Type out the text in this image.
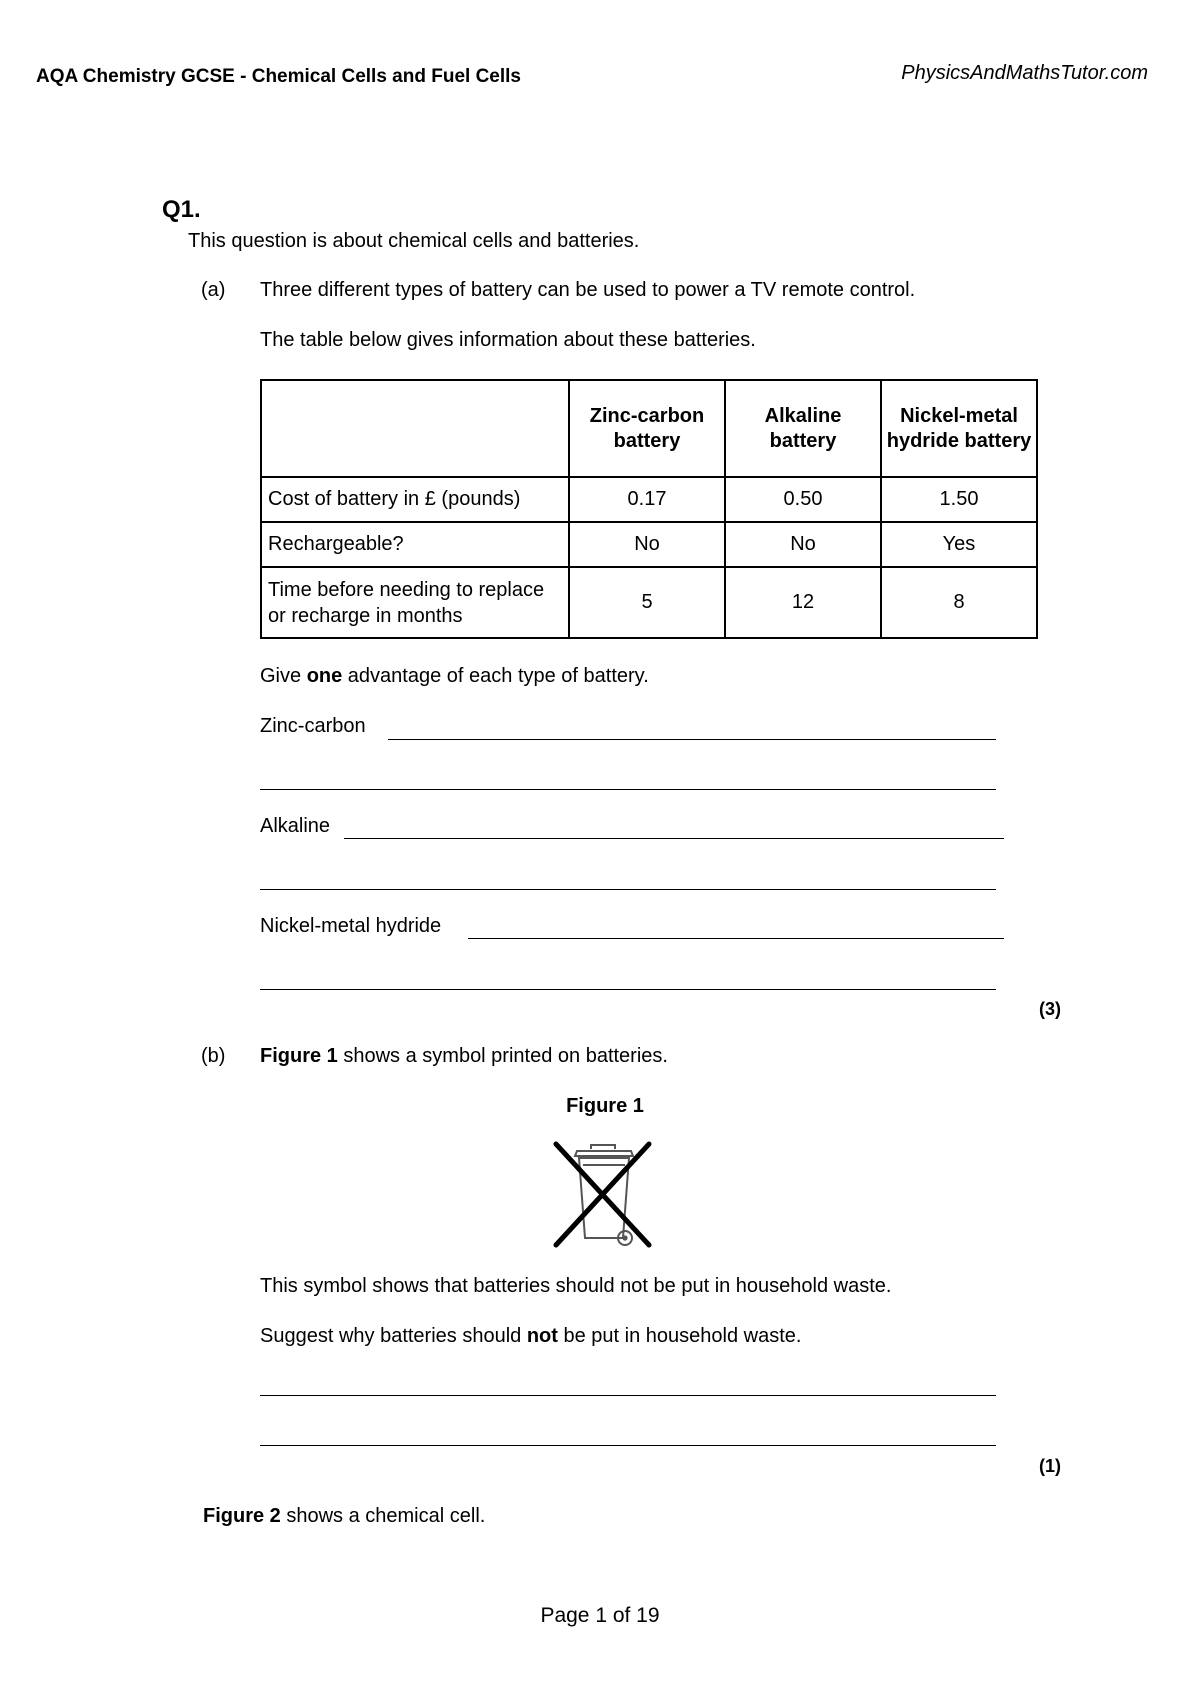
AQA Chemistry GCSE - Chemical Cells and Fuel Cells	PhysicsAndMathsTutor.com
Q1.
This question is about chemical cells and batteries.
(a) Three different types of battery can be used to power a TV remote control.
The table below gives information about these batteries.
	Zinc-carbon battery	Alkaline battery	Nickel-metal hydride battery
Cost of battery in £ (pounds)	0.17	0.50	1.50
Rechargeable?	No	No	Yes
Time before needing to replace or recharge in months	5	12	8
Give one advantage of each type of battery.
Zinc-carbon
Alkaline
Nickel-metal hydride
(3)
(b) Figure 1 shows a symbol printed on batteries.
Figure 1
This symbol shows that batteries should not be put in household waste.
Suggest why batteries should not be put in household waste.
(1)
Figure 2 shows a chemical cell.
Page 1 of 19
